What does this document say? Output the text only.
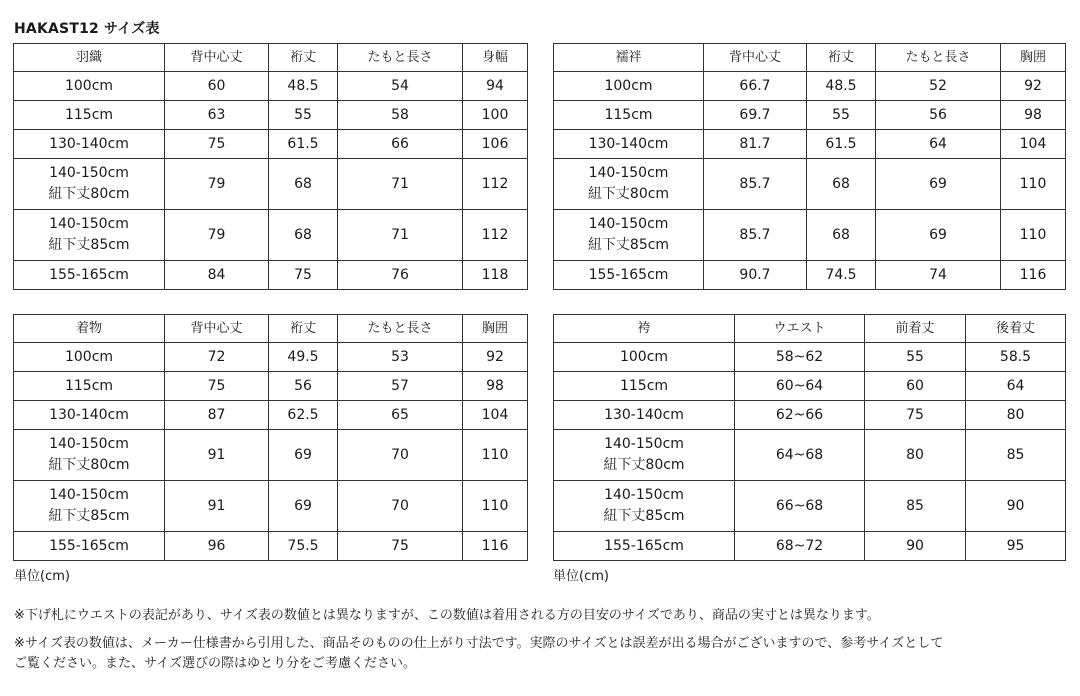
HAKAST12 サイズ表
羽織	背中心丈	裄丈	たもと長さ	身幅

100cm	60	48.5	54	94

115cm	63	55	58	100

130-140cm	75	61.5	66	106

140-150cm
紐下丈80cm	79	68	71	112

140-150cm
紐下丈85cm	79	68	71	112

155-165cm	84	75	76	118
襦袢	背中心丈	裄丈	たもと長さ	胸囲

100cm	66.7	48.5	52	92

115cm	69.7	55	56	98

130-140cm	81.7	61.5	64	104

140-150cm
紐下丈80cm	85.7	68	69	110

140-150cm
紐下丈85cm	85.7	68	69	110

155-165cm	90.7	74.5	74	116
着物	背中心丈	裄丈	たもと長さ	胸囲

100cm	72	49.5	53	92

115cm	75	56	57	98

130-140cm	87	62.5	65	104

140-150cm
紐下丈80cm	91	69	70	110

140-150cm
紐下丈85cm	91	69	70	110

155-165cm	96	75.5	75	116
袴	ウエスト	前着丈	後着丈

100cm	58~62	55	58.5

115cm	60~64	60	64

130-140cm	62~66	75	80

140-150cm
紐下丈80cm	64~68	80	85

140-150cm
紐下丈85cm	66~68	85	90

155-165cm	68~72	90	95
単位(cm)	単位(cm)
※下げ札にウエストの表記があり、サイズ表の数値とは異なりますが、この数値は着用される方の目安のサイズであり、商品の実寸とは異なります。
※サイズ表の数値は、メーカー仕様書から引用した、商品そのものの仕上がり寸法です。実際のサイズとは誤差が出る場合がございますので、参考サイズとして
ご覧ください。また、サイズ選びの際はゆとり分をご考慮ください。
